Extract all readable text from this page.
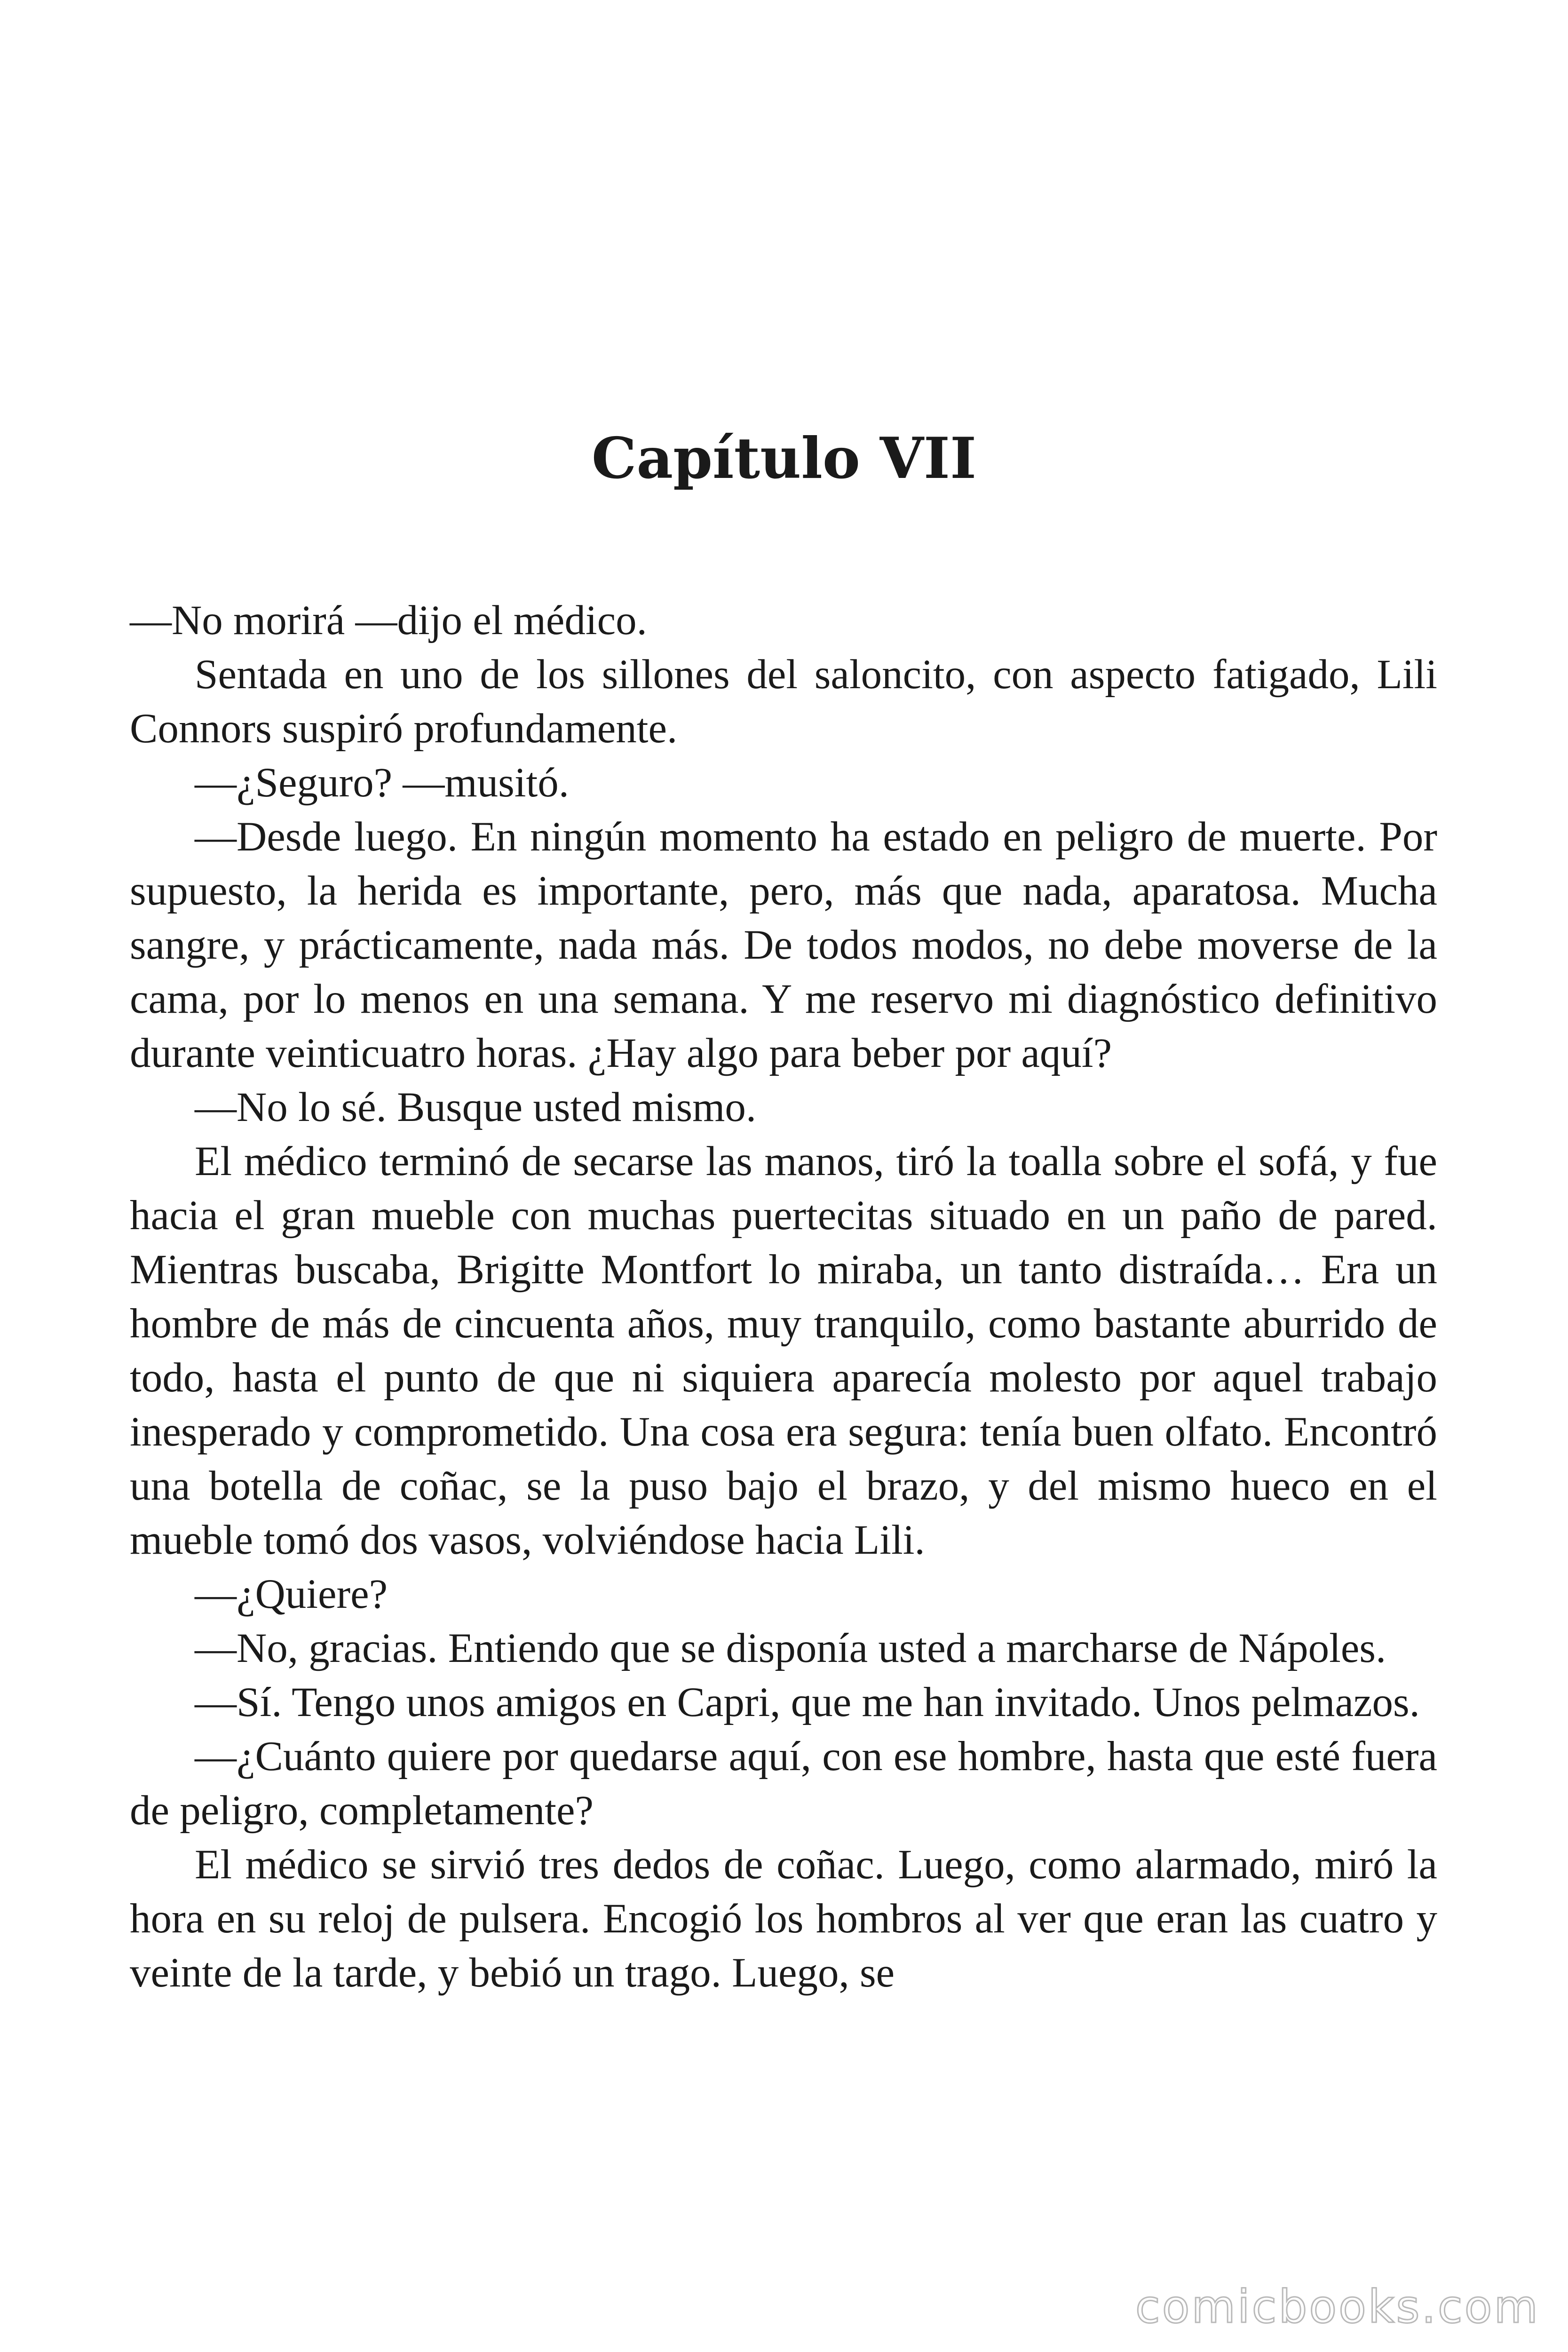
Capítulo VII

—No morirá —dijo el médico.

Sentada en uno de los sillones del saloncito, con aspecto fatigado, Lili Connors suspiró profundamente.

—¿Seguro? —musitó.

—Desde luego. En ningún momento ha estado en peligro de muerte. Por supuesto, la herida es importante, pero, más que nada, aparatosa. Mucha sangre, y prácticamente, nada más. De todos modos, no debe moverse de la cama, por lo menos en una semana. Y me reservo mi diagnóstico definitivo durante veinticuatro horas. ¿Hay algo para beber por aquí?

—No lo sé. Busque usted mismo.

El médico terminó de secarse las manos, tiró la toalla sobre el sofá, y fue hacia el gran mueble con muchas puertecitas situado en un paño de pared. Mientras buscaba, Brigitte Montfort lo miraba, un tanto distraída… Era un hombre de más de cincuenta años, muy tranquilo, como bastante aburrido de todo, hasta el punto de que ni siquiera aparecía molesto por aquel trabajo inesperado y comprometido. Una cosa era segura: tenía buen olfato. Encontró una botella de coñac, se la puso bajo el brazo, y del mismo hueco en el mueble tomó dos vasos, volviéndose hacia Lili.

—¿Quiere?

—No, gracias. Entiendo que se disponía usted a marcharse de Nápoles.

—Sí. Tengo unos amigos en Capri, que me han invitado. Unos pelmazos.

—¿Cuánto quiere por quedarse aquí, con ese hombre, hasta que esté fuera de peligro, completamente?

El médico se sirvió tres dedos de coñac. Luego, como alarmado, miró la hora en su reloj de pulsera. Encogió los hombros al ver que eran las cuatro y veinte de la tarde, y bebió un trago. Luego, se

comicbooks.com
